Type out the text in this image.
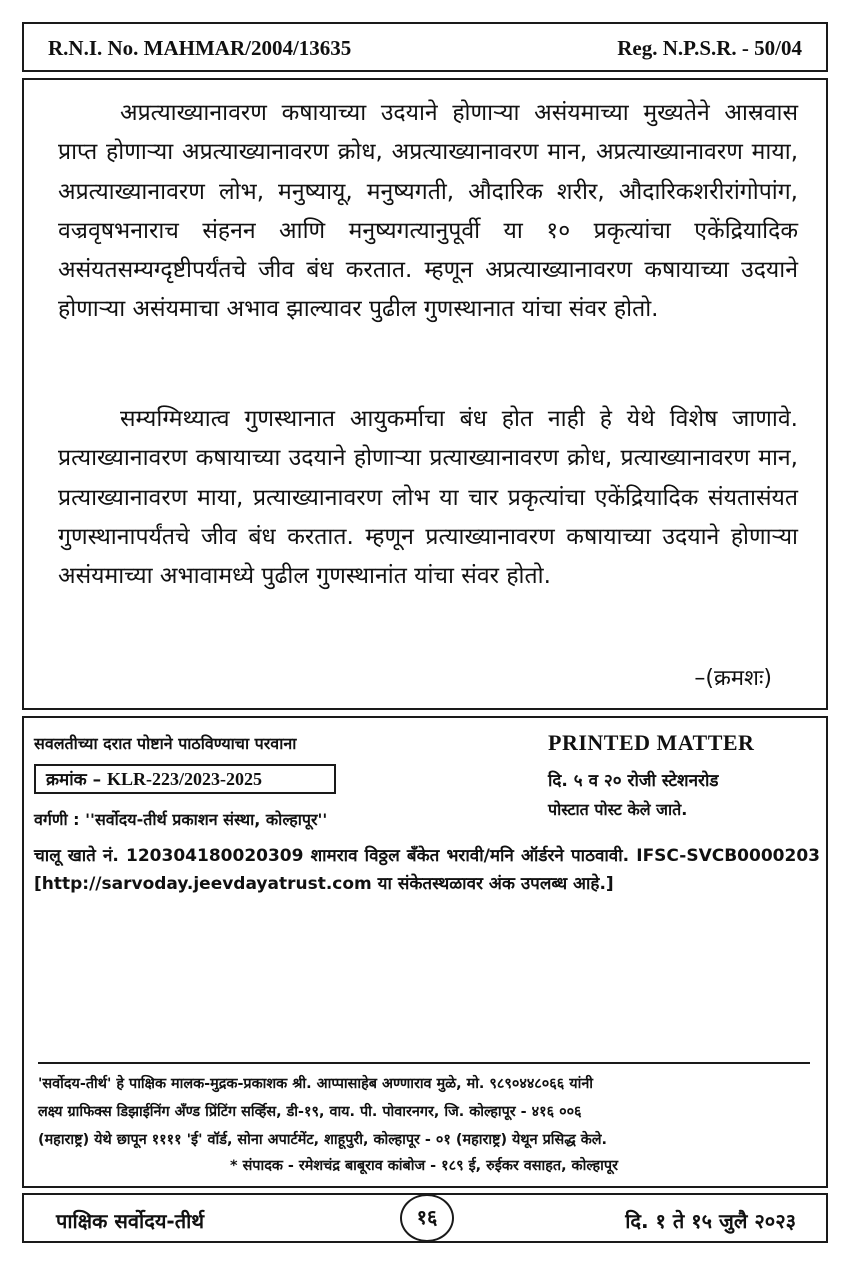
R.N.I. No. MAHMAR/2004/13635	Reg. N.P.S.R. - 50/04

अप्रत्याख्यानावरण कषायाच्या उदयाने होणाऱ्या असंयमाच्या मुख्यतेने आस्रवास प्राप्त होणाऱ्या अप्रत्याख्यानावरण क्रोध, अप्रत्याख्यानावरण मान, अप्रत्याख्यानावरण माया, अप्रत्याख्यानावरण लोभ, मनुष्यायू, मनुष्यगती, औदारिक शरीर, औदारिकशरीरांगोपांग, वज्रवृषभनाराच संहनन आणि मनुष्यगत्यानुपूर्वी या १० प्रकृत्यांचा एकेंद्रियादिक असंयतसम्यग्दृष्टीपर्यंतचे जीव बंध करतात. म्हणून अप्रत्याख्यानावरण कषायाच्या उदयाने होणाऱ्या असंयमाचा अभाव झाल्यावर पुढील गुणस्थानात यांचा संवर होतो.

सम्यग्मिथ्यात्व गुणस्थानात आयुकर्माचा बंध होत नाही हे येथे विशेष जाणावे. प्रत्याख्यानावरण कषायाच्या उदयाने होणाऱ्या प्रत्याख्यानावरण क्रोध, प्रत्याख्यानावरण मान, प्रत्याख्यानावरण माया, प्रत्याख्यानावरण लोभ या चार प्रकृत्यांचा एकेंद्रियादिक संयतासंयत गुणस्थानापर्यंतचे जीव बंध करतात. म्हणून प्रत्याख्यानावरण कषायाच्या उदयाने होणाऱ्या असंयमाच्या अभावामध्ये पुढील गुणस्थानांत यांचा संवर होतो.

–(क्रमशः)
सवलतीच्या दरात पोष्टाने पाठविण्याचा परवाना
क्रमांक – KLR-223/2023-2025
वर्गणी : ''सर्वोदय-तीर्थ प्रकाशन संस्था, कोल्हापूर''
PRINTED MATTER
दि. ५ व २० रोजी स्टेशनरोड
पोस्टात पोस्ट केले जाते.
चालू खाते नं. 120304180020309 शामराव विठ्ठल बँकेत भरावी/मनि ऑर्डरने पाठवावी. IFSC-SVCB0000203 [http://sarvoday.jeevdayatrust.com या संकेतस्थळावर अंक उपलब्ध आहे.]
'सर्वोदय-तीर्थ' हे पाक्षिक मालक-मुद्रक-प्रकाशक श्री. आप्पासाहेब अण्णाराव मुळे, मो. ९८९०४४८०६६ यांनी
लक्ष्य ग्राफिक्स डिझाईनिंग अँण्ड प्रिंटिंग सर्व्हिस, डी-१९, वाय. पी. पोवारनगर, जि. कोल्हापूर - ४१६ ००६
(महाराष्ट्र) येथे छापून ११११ 'ई' वॉर्ड, सोना अपार्टमेंट, शाहूपुरी, कोल्हापूर - ०१ (महाराष्ट्र) येथून प्रसिद्ध केले.
* संपादक - रमेशचंद्र बाबूराव कांबोज - १८९ ई, रुईकर वसाहत, कोल्हापूर
पाक्षिक सर्वोदय-तीर्थ	१६	दि. १ ते १५ जुलै २०२३
